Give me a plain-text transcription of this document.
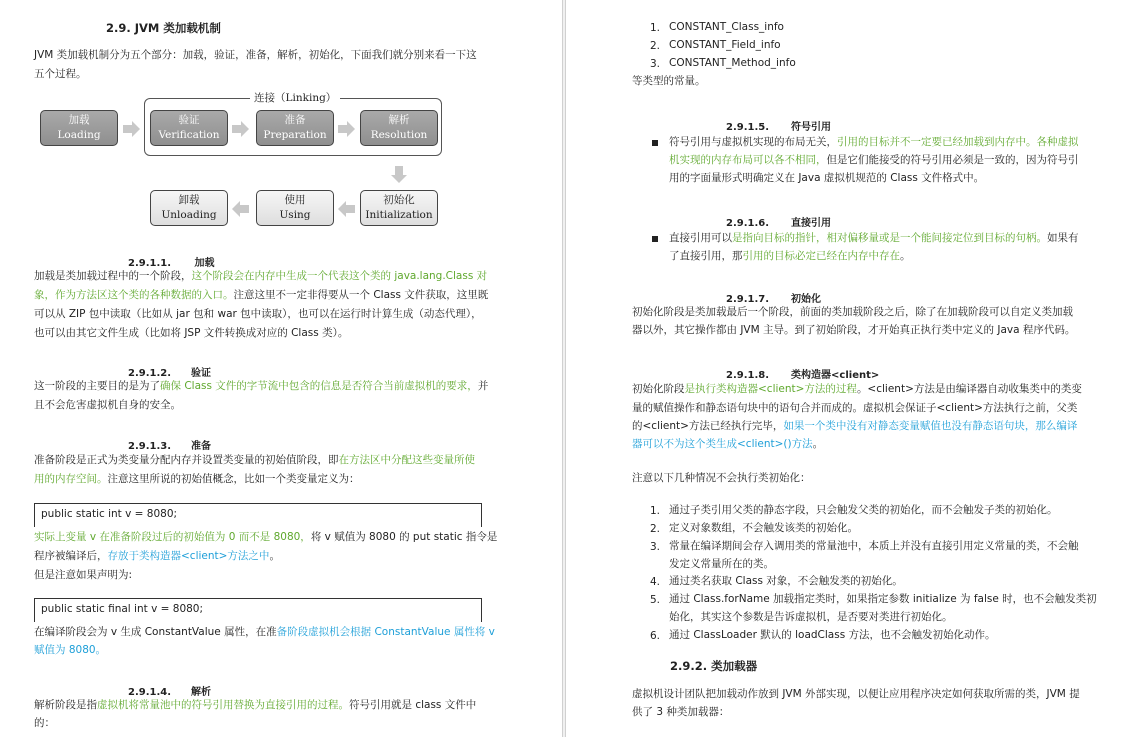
2.9. JVM 类加载机制
JVM 类加载机制分为五个部分：加载，验证，准备，解析，初始化，下面我们就分别来看一下这
五个过程。
连接（Linking）
加载
Loading
验证
Verification
准备
Preparation
解析
Resolution
初始化
Initialization
使用
Using
卸载
Unloading
2.9.1.1. 加载
加载是类加载过程中的一个阶段，这个阶段会在内存中生成一个代表这个类的 java.lang.Class 对
象，作为方法区这个类的各种数据的入口。注意这里不一定非得要从一个 Class 文件获取，这里既
可以从 ZIP 包中读取（比如从 jar 包和 war 包中读取），也可以在运行时计算生成（动态代理），
也可以由其它文件生成（比如将 JSP 文件转换成对应的 Class 类）。
2.9.1.2. 验证
这一阶段的主要目的是为了确保 Class 文件的字节流中包含的信息是否符合当前虚拟机的要求，并
且不会危害虚拟机自身的安全。
2.9.1.3. 准备
准备阶段是正式为类变量分配内存并设置类变量的初始值阶段，即在方法区中分配这些变量所使
用的内存空间。注意这里所说的初始值概念，比如一个类变量定义为：
public static int v = 8080;
实际上变量 v 在准备阶段过后的初始值为 0 而不是 8080，将 v 赋值为 8080 的 put static 指令是
程序被编译后，存放于类构造器<client>方法之中。
但是注意如果声明为:
public static final int v = 8080;
在编译阶段会为 v 生成 ConstantValue 属性，在准备阶段虚拟机会根据 ConstantValue 属性将 v
赋值为 8080。
2.9.1.4. 解析
解析阶段是指虚拟机将常量池中的符号引用替换为直接引用的过程。符号引用就是 class 文件中
的：
1. CONSTANT_Class_info
2. CONSTANT_Field_info
3. CONSTANT_Method_info
等类型的常量。
2.9.1.5. 符号引用
符号引用与虚拟机实现的布局无关，引用的目标并不一定要已经加载到内存中。各种虚拟
机实现的内存布局可以各不相同，但是它们能接受的符号引用必须是一致的，因为符号引
用的字面量形式明确定义在 Java 虚拟机规范的 Class 文件格式中。
2.9.1.6. 直接引用
直接引用可以是指向目标的指针，相对偏移量或是一个能间接定位到目标的句柄。如果有
了直接引用，那引用的目标必定已经在内存中存在。
2.9.1.7. 初始化
初始化阶段是类加载最后一个阶段，前面的类加载阶段之后，除了在加载阶段可以自定义类加载
器以外，其它操作都由 JVM 主导。到了初始阶段，才开始真正执行类中定义的 Java 程序代码。
2.9.1.8. 类构造器<client>
初始化阶段是执行类构造器<client>方法的过程。<client>方法是由编译器自动收集类中的类变
量的赋值操作和静态语句块中的语句合并而成的。虚拟机会保证子<client>方法执行之前，父类
的<client>方法已经执行完毕，如果一个类中没有对静态变量赋值也没有静态语句块，那么编译
器可以不为这个类生成<client>()方法。
注意以下几种情况不会执行类初始化：
1. 通过子类引用父类的静态字段，只会触发父类的初始化，而不会触发子类的初始化。
2. 定义对象数组，不会触发该类的初始化。
3. 常量在编译期间会存入调用类的常量池中，本质上并没有直接引用定义常量的类，不会触
发定义常量所在的类。
4. 通过类名获取 Class 对象，不会触发类的初始化。
5. 通过 Class.forName 加载指定类时，如果指定参数 initialize 为 false 时，也不会触发类初
始化，其实这个参数是告诉虚拟机，是否要对类进行初始化。
6. 通过 ClassLoader 默认的 loadClass 方法，也不会触发初始化动作。
2.9.2. 类加载器
虚拟机设计团队把加载动作放到 JVM 外部实现，以便让应用程序决定如何获取所需的类，JVM 提
供了 3 种类加载器：
